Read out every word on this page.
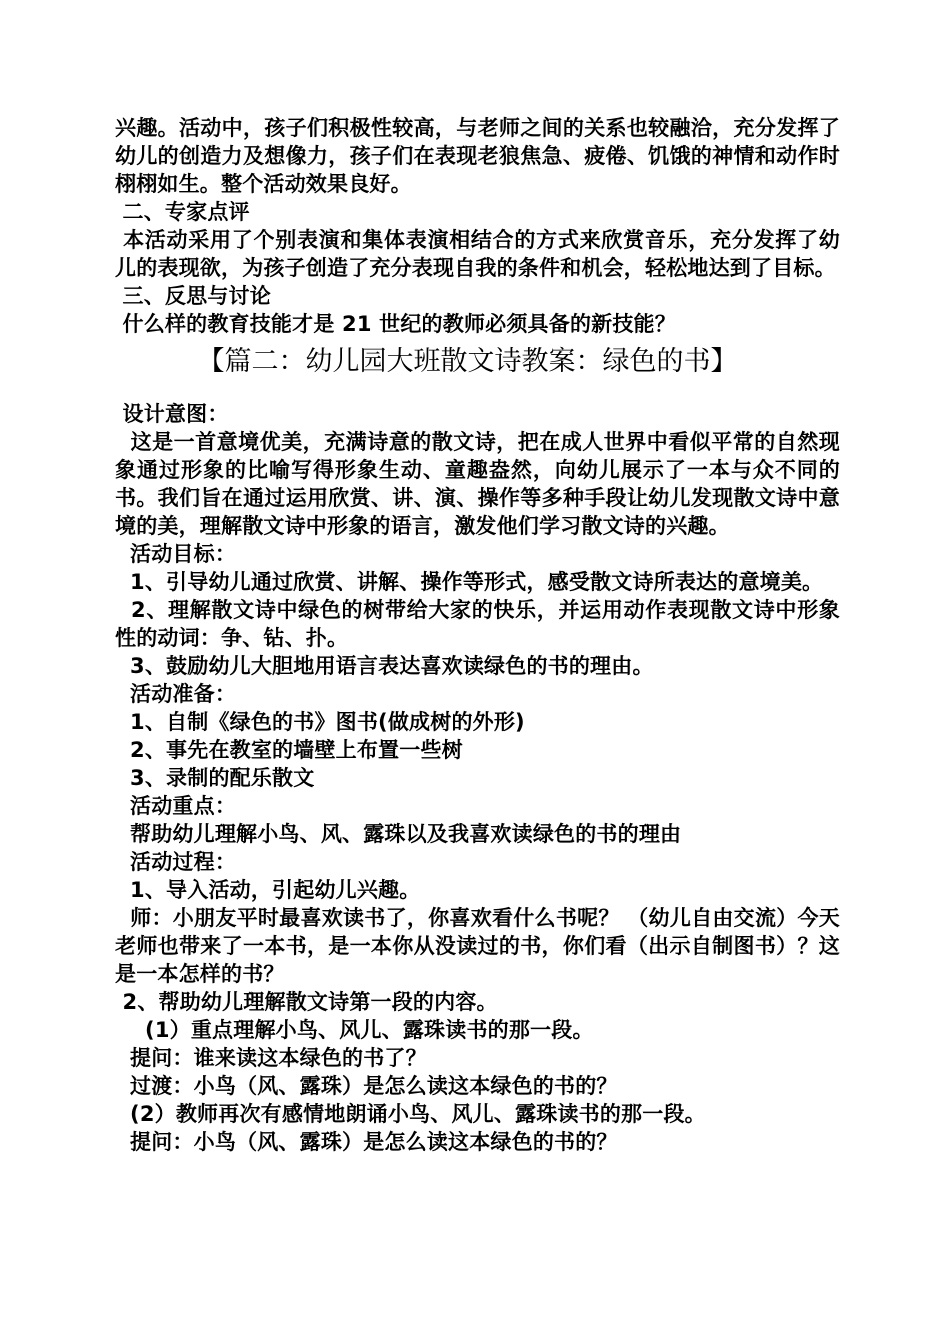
兴趣。活动中，孩子们积极性较高，与老师之间的关系也较融洽，充分发挥了幼儿的创造力及想像力，孩子们在表现老狼焦急、疲倦、饥饿的神情和动作时栩栩如生。整个活动效果良好。

二、专家点评

本活动采用了个别表演和集体表演相结合的方式来欣赏音乐，充分发挥了幼儿的表现欲，为孩子创造了充分表现自我的条件和机会，轻松地达到了目标。

三、反思与讨论

什么样的教育技能才是 21 世纪的教师必须具备的新技能？

【篇二：幼儿园大班散文诗教案：绿色的书】

设计意图：

这是一首意境优美，充满诗意的散文诗，把在成人世界中看似平常的自然现象通过形象的比喻写得形象生动、童趣盎然，向幼儿展示了一本与众不同的书。我们旨在通过运用欣赏、讲、演、操作等多种手段让幼儿发现散文诗中意境的美，理解散文诗中形象的语言，激发他们学习散文诗的兴趣。

活动目标：

1、引导幼儿通过欣赏、讲解、操作等形式，感受散文诗所表达的意境美。

2、理解散文诗中绿色的树带给大家的快乐，并运用动作表现散文诗中形象性的动词：争、钻、扑。

3、鼓励幼儿大胆地用语言表达喜欢读绿色的书的理由。

活动准备：

1、自制《绿色的书》图书(做成树的外形)

2、事先在教室的墙壁上布置一些树

3、录制的配乐散文

活动重点：

帮助幼儿理解小鸟、风、露珠以及我喜欢读绿色的书的理由

活动过程：

1、导入活动，引起幼儿兴趣。

师：小朋友平时最喜欢读书了，你喜欢看什么书呢？ （幼儿自由交流）今天老师也带来了一本书，是一本你从没读过的书，你们看（出示自制图书）？这是一本怎样的书？

2、帮助幼儿理解散文诗第一段的内容。

(1）重点理解小鸟、风儿、露珠读书的那一段。

提问：谁来读这本绿色的书了？

过渡：小鸟（风、露珠）是怎么读这本绿色的书的？

(2）教师再次有感情地朗诵小鸟、风儿、露珠读书的那一段。

提问：小鸟（风、露珠）是怎么读这本绿色的书的？
